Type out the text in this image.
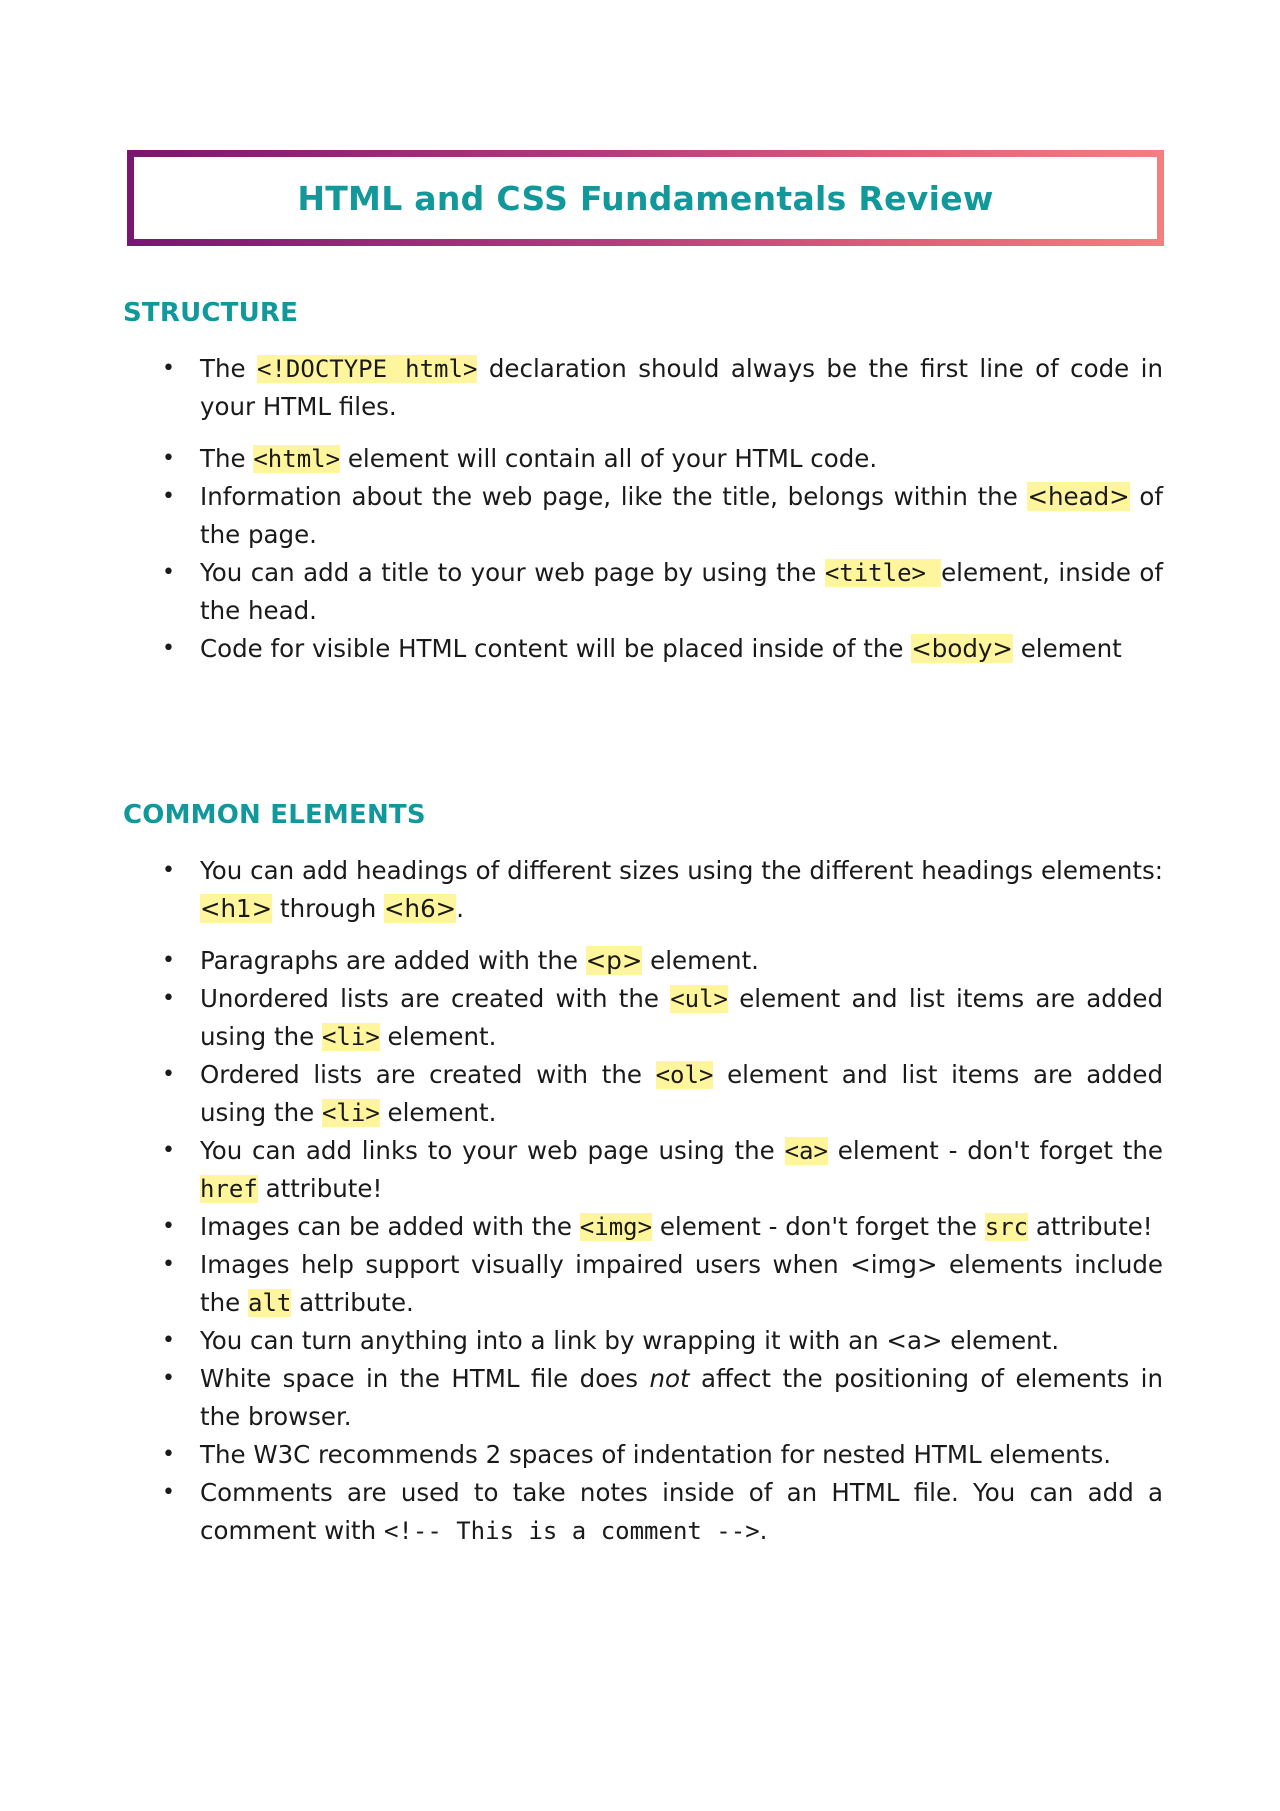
HTML and CSS Fundamentals Review
STRUCTURE
• The <!DOCTYPE html> declaration should always be the first line of code in your HTML files.
• The <html> element will contain all of your HTML code.
• Information about the web page, like the title, belongs within the <head> of the page.
• You can add a title to your web page by using the <title> element, inside of the head.
• Code for visible HTML content will be placed inside of the <body> element
COMMON ELEMENTS
• You can add headings of different sizes using the different headings elements: <h1> through <h6>.
• Paragraphs are added with the <p> element.
• Unordered lists are created with the <ul> element and list items are added using the <li> element.
• Ordered lists are created with the <ol> element and list items are added using the <li> element.
• You can add links to your web page using the <a> element - don't forget the href attribute!
• Images can be added with the <img> element - don't forget the src attribute!
• Images help support visually impaired users when <img> elements include the alt attribute.
• You can turn anything into a link by wrapping it with an <a> element.
• White space in the HTML file does not affect the positioning of elements in the browser.
• The W3C recommends 2 spaces of indentation for nested HTML elements.
• Comments are used to take notes inside of an HTML file. You can add a comment with <!-- This is a comment -->.
